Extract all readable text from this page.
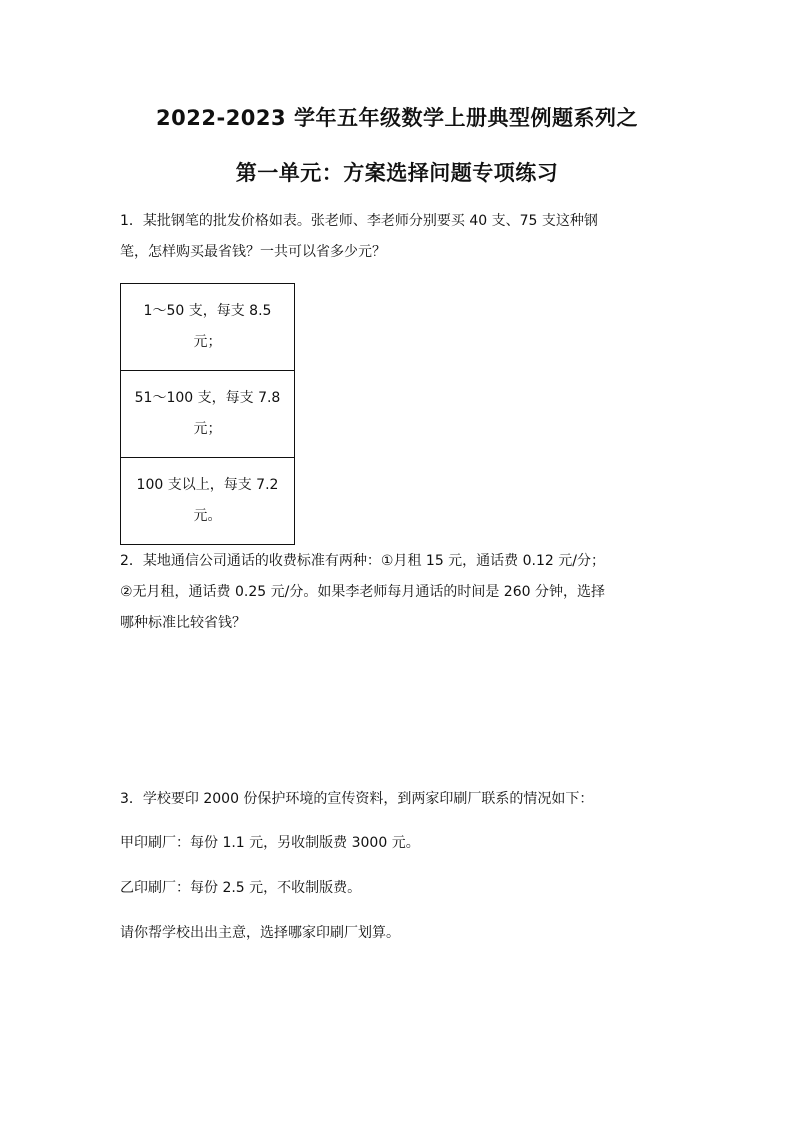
2022-2023 学年五年级数学上册典型例题系列之
第一单元：方案选择问题专项练习
1．某批钢笔的批发价格如表。张老师、李老师分别要买 40 支、75 支这种钢
笔，怎样购买最省钱？一共可以省多少元？
1～50 支，每支 8.5
元；

51～100 支，每支 7.8
元；

100 支以上，每支 7.2
元。
2．某地通信公司通话的收费标准有两种：①月租 15 元，通话费 0.12 元/分；
②无月租，通话费 0.25 元/分。如果李老师每月通话的时间是 260 分钟，选择
哪种标准比较省钱？
3．学校要印 2000 份保护环境的宣传资料，到两家印刷厂联系的情况如下：
甲印刷厂：每份 1.1 元，另收制版费 3000 元。
乙印刷厂：每份 2.5 元，不收制版费。
请你帮学校出出主意，选择哪家印刷厂划算。
